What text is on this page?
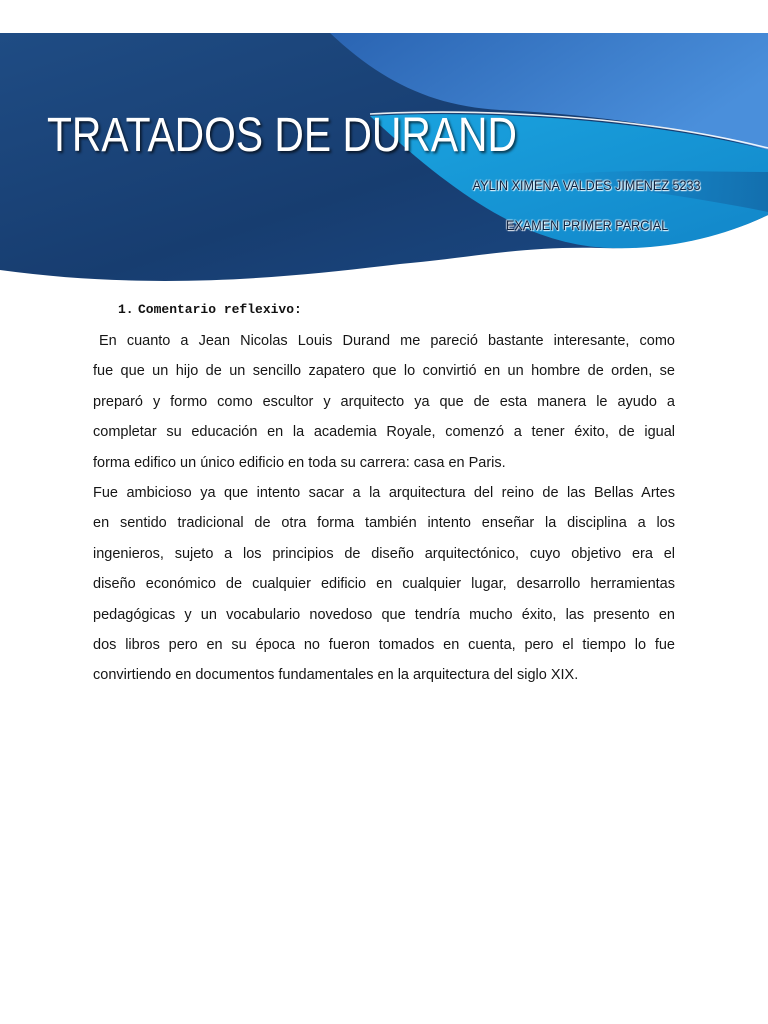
TRATADOS DE DURAND
AYLIN XIMENA VALDES JIMENEZ 5233
EXAMEN PRIMER PARCIAL
1. Comentario reflexivo:
En cuanto a Jean Nicolas Louis Durand me pareció bastante interesante, como
fue que un hijo de un sencillo zapatero que lo convirtió en un hombre de orden, se
preparó y formo como escultor y arquitecto ya que de esta manera le ayudo a
completar su educación en la academia Royale, comenzó a tener éxito, de igual
forma edifico un único edificio en toda su carrera: casa en Paris.
Fue ambicioso ya que intento sacar a la arquitectura del reino de las Bellas Artes
en sentido tradicional de otra forma también intento enseñar la disciplina a los
ingenieros, sujeto a los principios de diseño arquitectónico, cuyo objetivo era el
diseño económico de cualquier edificio en cualquier lugar, desarrollo herramientas
pedagógicas y un vocabulario novedoso que tendría mucho éxito, las presento en
dos libros pero en su época no fueron tomados en cuenta, pero el tiempo lo fue
convirtiendo en documentos fundamentales en la arquitectura del siglo XIX.
